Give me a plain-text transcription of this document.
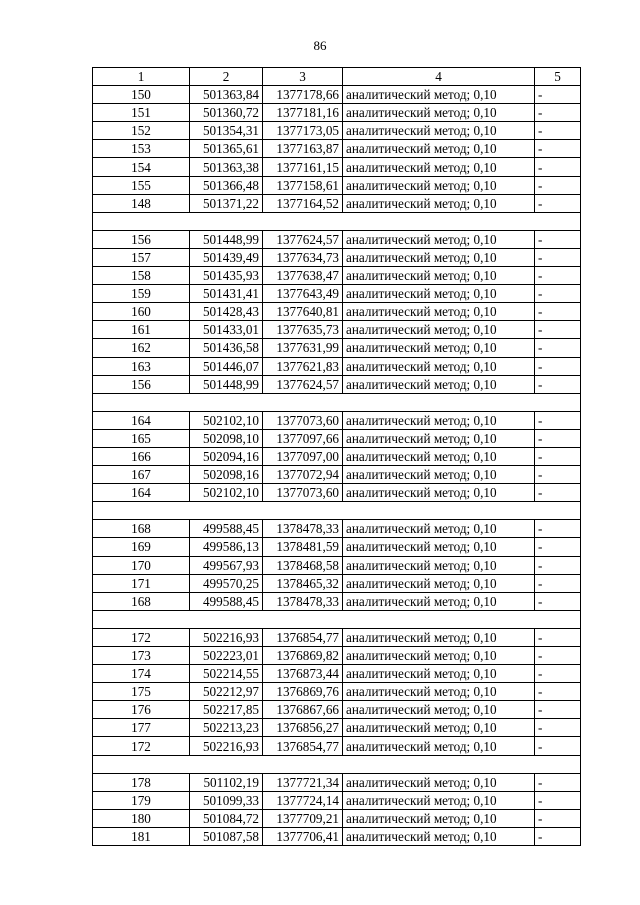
86
1	2	3	4	5
150	501363,84	1377178,66	аналитический метод; 0,10	-
151	501360,72	1377181,16	аналитический метод; 0,10	-
152	501354,31	1377173,05	аналитический метод; 0,10	-
153	501365,61	1377163,87	аналитический метод; 0,10	-
154	501363,38	1377161,15	аналитический метод; 0,10	-
155	501366,48	1377158,61	аналитический метод; 0,10	-
148	501371,22	1377164,52	аналитический метод; 0,10	-

156	501448,99	1377624,57	аналитический метод; 0,10	-
157	501439,49	1377634,73	аналитический метод; 0,10	-
158	501435,93	1377638,47	аналитический метод; 0,10	-
159	501431,41	1377643,49	аналитический метод; 0,10	-
160	501428,43	1377640,81	аналитический метод; 0,10	-
161	501433,01	1377635,73	аналитический метод; 0,10	-
162	501436,58	1377631,99	аналитический метод; 0,10	-
163	501446,07	1377621,83	аналитический метод; 0,10	-
156	501448,99	1377624,57	аналитический метод; 0,10	-

164	502102,10	1377073,60	аналитический метод; 0,10	-
165	502098,10	1377097,66	аналитический метод; 0,10	-
166	502094,16	1377097,00	аналитический метод; 0,10	-
167	502098,16	1377072,94	аналитический метод; 0,10	-
164	502102,10	1377073,60	аналитический метод; 0,10	-

168	499588,45	1378478,33	аналитический метод; 0,10	-
169	499586,13	1378481,59	аналитический метод; 0,10	-
170	499567,93	1378468,58	аналитический метод; 0,10	-
171	499570,25	1378465,32	аналитический метод; 0,10	-
168	499588,45	1378478,33	аналитический метод; 0,10	-

172	502216,93	1376854,77	аналитический метод; 0,10	-
173	502223,01	1376869,82	аналитический метод; 0,10	-
174	502214,55	1376873,44	аналитический метод; 0,10	-
175	502212,97	1376869,76	аналитический метод; 0,10	-
176	502217,85	1376867,66	аналитический метод; 0,10	-
177	502213,23	1376856,27	аналитический метод; 0,10	-
172	502216,93	1376854,77	аналитический метод; 0,10	-

178	501102,19	1377721,34	аналитический метод; 0,10	-
179	501099,33	1377724,14	аналитический метод; 0,10	-
180	501084,72	1377709,21	аналитический метод; 0,10	-
181	501087,58	1377706,41	аналитический метод; 0,10	-
